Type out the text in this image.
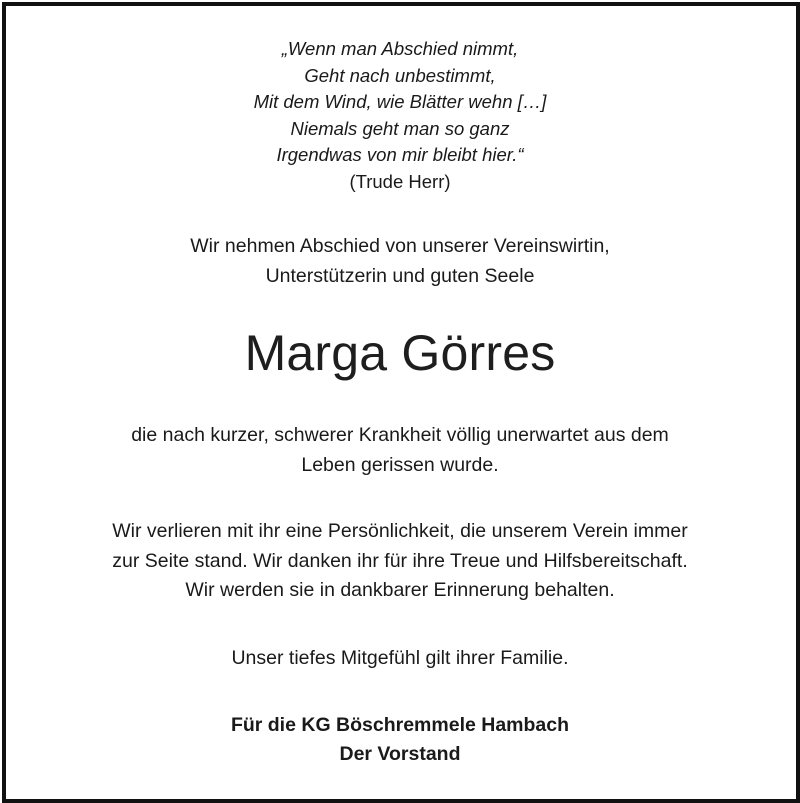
„Wenn man Abschied nimmt,
Geht nach unbestimmt,
Mit dem Wind, wie Blätter wehn […]
Niemals geht man so ganz
Irgendwas von mir bleibt hier.“
(Trude Herr)
Wir nehmen Abschied von unserer Vereinswirtin,
Unterstützerin und guten Seele
Marga Görres
die nach kurzer, schwerer Krankheit völlig unerwartet aus dem
Leben gerissen wurde.
Wir verlieren mit ihr eine Persönlichkeit, die unserem Verein immer
zur Seite stand. Wir danken ihr für ihre Treue und Hilfsbereitschaft.
Wir werden sie in dankbarer Erinnerung behalten.
Unser tiefes Mitgefühl gilt ihrer Familie.
Für die KG Böschremmele Hambach
Der Vorstand
